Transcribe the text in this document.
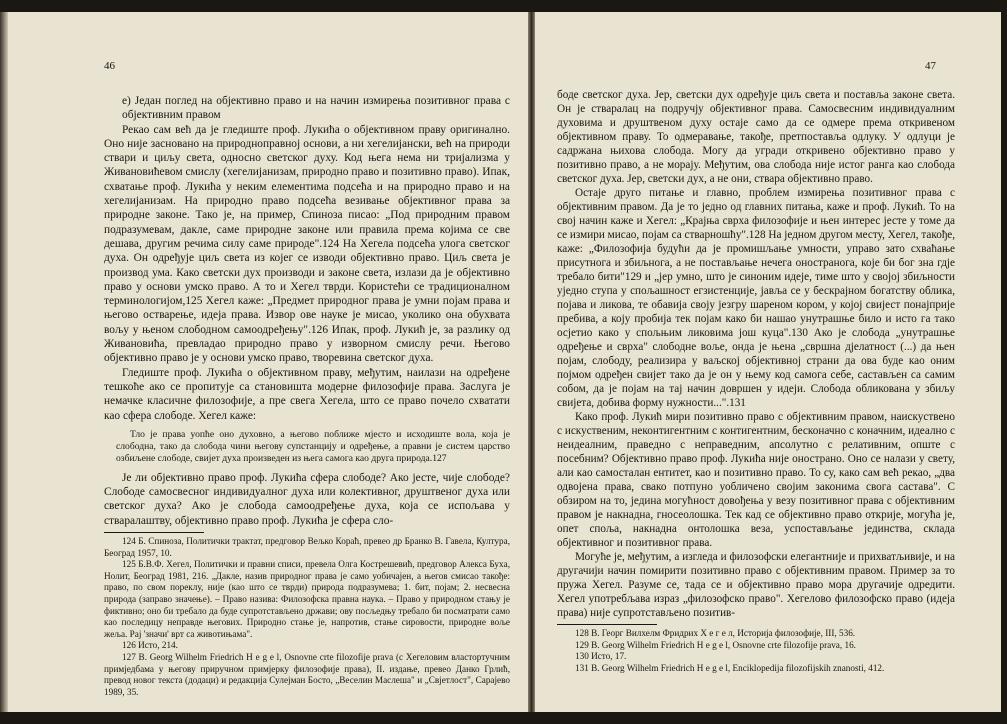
46

е) Један поглед на објективно право и на начин измирења позитивног права с објективним правом

Рекао сам већ да је гледиште проф. Лукића о објективном праву оригинално. Оно није засновано на природноправној основи, а ни хегелијански, већ на природи ствари и циљу света, односно светског духу. Код њега нема ни тријализма у Живановићевом смислу (хегелијанизам, природно право и позитивно право). Ипак, схватање проф. Лукића у неким елементима подсећа и на природно право и на хегелијанизам. На природно право подсећа везивање објективног права за природне законе. Тако је, на пример, Спиноза писао: „Под природним правом подразумевам, дакле, саме природне законе или правила према којима се све дешава, другим речима силу саме природе".124 На Хегела подсећа улога светског духа. Он одређује циљ света из којег се изводи објективно право. Циљ света је производ ума. Како светски дух производи и законе света, излази да је објективно право у основи умско право. А то и Хегел тврди. Користећи се традиционалном терминологијом,125 Хегел каже: „Предмет природног права је умни појам права и његово остварење, идеја права. Извор ове науке је мисао, уколико она обухвата вољу у њеном слободном самоодређењу".126 Ипак, проф. Лукић је, за разлику од Живановића, превладао природно право у изворном смислу речи. Његово објективно право је у основи умско право, творевина светског духа.

Гледиште проф. Лукића о објективном праву, међутим, наилази на одређене тешкоће ако се пропитује са становишта модерне филозофије права. Заслуга је немачке класичне филозофије, а пре свега Хегела, што се право почело схватати као сфера слободе. Хегел каже:

Тло је права уопће оно духовно, а његово поближе мјесто и исходиште вола, која је слободна, тако да слобода чини његову супстанцију и одређење, а правни је систем царство озбиљене слободе, свијет духа произведен из њега самога као друга природа.127

Је ли објективно право проф. Лукића сфера слободе? Ако јесте, чије слободе? Слободе самосвесног индивидуалног духа или колективног, друштвеног духа или светског духа? Ако је слобода самоодређење духа, која се испољава у стваралаштву, објективно право проф. Лукића је сфера сло-

124 Б. Спиноза, Политички трактат, предговор Вељко Кораћ, превео др Бранко В. Гавела, Култура, Београд 1957, 10.

125 Б.В.Ф. Хегел, Политички и правни списи, превела Олга Кострешевић, предговор Алекса Бухa, Нолит, Београд 1981, 216. „Дакле, назив природног права је само уобичајен, а његов смисао такође: право, по свом пореклу, није (као што се тврди) природа подразумева; 1. бит, појам; 2. несвесна природа (заправо значење). – Право назива: Филозофска правна наука. – Право у природном стању је фиктивно; оно би требало да буде супротстављено држави; ову посљедњу требало би посматрати само као последицу неправде његових. Природно стање је, напротив, стање сировости, природне воље жеља. Рај 'значи' врт са животињама".

126 Исто, 214.

127 В. Georg Wilhelm Friedrich H e g e l, Osnovne crte filozofije prava (с Хегеловим властортучним примједбама у његову приручном примјерку филозофије права), II. издање, превео Данко Грлић, превод новог текста (додаци) и редакција Сулејман Босто, „Веселин Маслеша" и „Свјетлост", Сарајево 1989, 35.

47

боде светског духа. Јер, светски дух одређује циљ света и поставља законе света. Он је стваралац на подручју објективног права. Самосвесним индивидуалним духовима и друштвеном духу остаје само да се одмере према откривеном објективном праву. То одмеравање, такође, претпоставља одлуку. У одлуци је садржана њихова слобода. Могу да угради откривено објективно право у позитивно право, а не морају. Међутим, ова слобода није истог ранга као слобода светског духа. Јер, светски дух, а не они, ствара објективно право.

Остаје друго питање и главно, проблем измирења позитивног права с објективним правом. Да је то једно од главних питања, каже и проф. Лукић. То на свој начин каже и Хегел: „Крајња сврха филозофије и њен интерес јесте у томе да се измири мисао, појам са стварношћу".128 На једном другом месту, Хегел, такође, каже: „Филозофија будући да је промишљање умности, управо зато схваћање присутнога и збиљнога, а не постављање нечега онострaнога, које би бог зна гдје требало бити"129 и „јер умно, што је синоним идеје, тиме што у својој збиљности уједно ступа у спољашност егзистенције, јавља се у бескрајном богатству облика, појава и ликова, те обавија своју језгру шареном кором, у којој свијест понајприје пребива, а коју пробија тек појам како би нашао унутрашње било и исто га тако осјетио како у спољњим ликовима још куца".130 Ако је слобода „унутрашње одређење и сврха" слободне воље, онда је њена „свршна дјелатност (...) да њен појам, слободу, реализира у ваљској објективној страни да ова буде као оним појмом одређен свијет тако да је он у њему код самога себе, састављен са самим собом, да је појам на тај начин довршен у идеји. Слобода обликована у збиљу свијета, добива форму нужности...".131

Како проф. Лукић мири позитивно право с објективним правом, наискуственo с искуственим, неконтигентним с контигентним, бесконачно с коначним, идеално с неидеалним, праведно с неправедним, апсолутно с релативним, опште с посебним? Објективно право проф. Лукића није оностранo. Оно се налази у свету, али као самосталан ентитет, као и позитивно право. То су, како сам већ рекао, „два одвојена права, свако потпуно уобличено својим законима свога састава". С обзиром на то, једина могућност довођења у везу позитивног права с објективним правом је накнадна, гносеолошка. Тек кад се објективно право открије, могућа је, опет споља, накнадна онтолошка веза, успостављање јединства, склада објективног и позитивног права.

Могуће је, међутим, а изгледа и филозофски елегантније и прихватљивије, и на другачији начин помирити позитивно право с објективним правом. Пример за то пружа Хегел. Разуме се, тада се и објективно право мора другачије одредити. Хегел употребљава израз „филозофско право". Хегелово филозофско право (идеја права) није супротстављено позитив-

128 В. Георг Вилхелм Фридрих Х е г е л, Историја филозофије, III, 536.

129 В. Georg Wilhelm Friedrich H e g e l, Osnovne crte filozofije prava, 16.

130 Исто, 17.

131 В. Georg Wilhelm Friedrich H e g e l, Enciklopedija filozofijskih znanosti, 412.
